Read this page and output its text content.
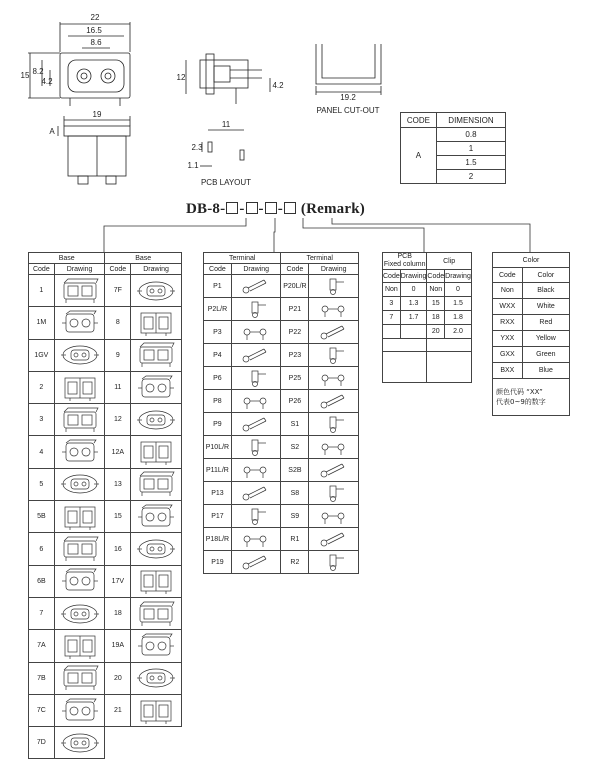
22
16.5
8.6
15 8.2
4.2	12
4.2
19.2
PANEL CUT-OUT
19
A
11
2.3
1.1
PCB LAYOUT
CODE	DIMENSION
A	0.8
	1
	1.5
	2
DB-8- - - - (Remark)
Base		Base	
Code	Drawing	Code	Drawing
1		7F	

1M		8	

1GV		9	

2		11	

3		12	

4		12A	

5		13	

5B		15	

6		16	

6B		17V	

7		18	

7A		19A	

7B		20	

7C		21	

7D	

Terminal		Terminal	
Code	Drawing	Code	Drawing
P1		P20L/R	

P2L/R		P21	

P3		P22	

P4		P23	

P6		P25	

P8		P26	

P9		S1	

P10L/R		S2	

P11L/R		S2B	

P13		S8	

P17		S9	

P18L/R		R1	

P19		R2	
PCB
Fixed column		Clip	
Code	Drawing	Code	Drawing
Non	0	Non	0
3	1.3	15	1.5
7	1.7	18	1.8
		20	2.0

Color	
Code	Color
Non	Black
WXX	White
RXX	Red
YXX	Yellow
GXX	Green
BXX	Blue
颜色代码 “XX”
代表0~9的数字	
